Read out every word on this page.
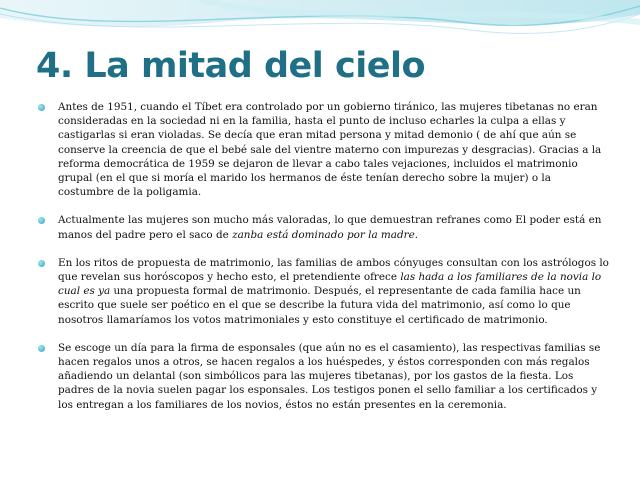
4. La mitad del cielo
Antes de 1951, cuando el Tíbet era controlado por un gobierno tiránico, las mujeres tibetanas no eran consideradas en la sociedad ni en la familia, hasta el punto de incluso echarles la culpa a ellas y castigarlas si eran violadas. Se decía que eran mitad persona y mitad demonio ( de ahí que aún se conserve la creencia de que el bebé sale del vientre materno con impurezas y desgracias). Gracias a la reforma democrática de 1959 se dejaron de llevar a cabo tales vejaciones, incluidos el matrimonio grupal (en el que si moría el marido los hermanos de éste tenían derecho sobre la mujer) o la costumbre de la poligamia.
Actualmente las mujeres son mucho más valoradas, lo que demuestran refranes como El poder está en manos del padre pero el saco de zanba está dominado por la madre.
En los ritos de propuesta de matrimonio, las familias de ambos cónyuges consultan con los astrólogos lo que revelan sus horóscopos y hecho esto, el pretendiente ofrece las hada a los familiares de la novia lo cual es ya una propuesta formal de matrimonio. Después, el representante de cada familia hace un escrito que suele ser poético en el que se describe la futura vida del matrimonio, así como lo que nosotros llamaríamos los votos matrimoniales y esto constituye el certificado de matrimonio.
Se escoge un día para la firma de esponsales (que aún no es el casamiento), las respectivas familias se hacen regalos unos a otros, se hacen regalos a los huéspedes, y éstos corresponden con más regalos añadiendo un delantal (son simbólicos para las mujeres tibetanas), por los gastos de la fiesta. Los padres de la novia suelen pagar los esponsales. Los testigos ponen el sello familiar a los certificados y los entregan a los familiares de los novios, éstos no están presentes en la ceremonia.
